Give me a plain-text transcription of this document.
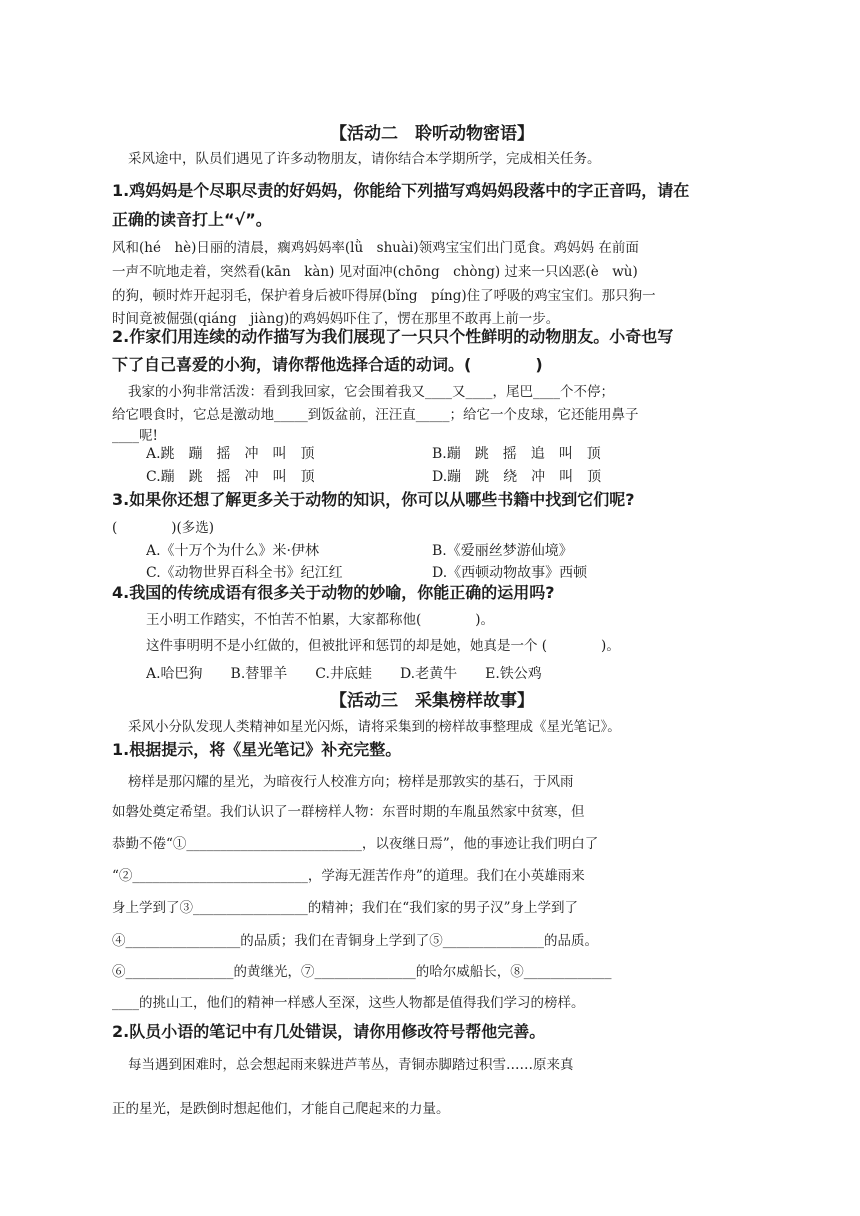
【活动二　聆听动物密语】
采风途中，队员们遇见了许多动物朋友，请你结合本学期所学，完成相关任务。
1.鸡妈妈是个尽职尽责的好妈妈，你能给下列描写鸡妈妈段落中的字正音吗，请在
正确的读音打上“√”。
风和(hé　hè)日丽的清晨，瘸鸡妈妈率(lǜ　shuài)领鸡宝宝们出门觅食。鸡妈妈 在前面
一声不吭地走着，突然看(kān　kàn) 见对面冲(chōng　chòng) 过来一只凶恶(è　wù)
的狗，顿时炸开起羽毛，保护着身后被吓得屏(bǐng　píng)住了呼吸的鸡宝宝们。那只狗一
时间竟被倔强(qiáng　jiàng)的鸡妈妈吓住了，愣在那里不敢再上前一步。
2.作家们用连续的动作描写为我们展现了一只只个性鲜明的动物朋友。小奇也写
下了自己喜爱的小狗，请你帮他选择合适的动词。(　　　　)
我家的小狗非常活泼：看到我回家，它会围着我又____又____，尾巴____个不停；
给它喂食时，它总是激动地_____到饭盆前，汪汪直_____；给它一个皮球，它还能用鼻子
____呢!
A.跳　蹦　摇　冲　叫　顶	B.蹦　跳　摇　追　叫　顶
C.蹦　跳　摇　冲　叫　顶	D.蹦　跳　绕　冲　叫　顶
3.如果你还想了解更多关于动物的知识，你可以从哪些书籍中找到它们呢?
(　　　　)(多选)
A.《十万个为什么》米·伊林	B.《爱丽丝梦游仙境》
C.《动物世界百科全书》纪江红	D.《西顿动物故事》西顿
4.我国的传统成语有很多关于动物的妙喻，你能正确的运用吗?
王小明工作踏实，不怕苦不怕累，大家都称他(　　　　)。
这件事明明不是小红做的，但被批评和惩罚的却是她，她真是一个 (　　　　)。
A.哈巴狗　　B.替罪羊　　C.井底蛙　　D.老黄牛　　E.铁公鸡
【活动三　采集榜样故事】
采风小分队发现人类精神如星光闪烁，请将采集到的榜样故事整理成《星光笔记》。
1.根据提示，将《星光笔记》补充完整。
榜样是那闪耀的星光，为暗夜行人校准方向；榜样是那敦实的基石，于风雨
如磐处奠定希望。我们认识了一群榜样人物：东晋时期的车胤虽然家中贫寒，但
恭勤不倦“①__________________________，以夜继日焉”，他的事迹让我们明白了
“②__________________________，学海无涯苦作舟”的道理。我们在小英雄雨来
身上学到了③_________________的精神；我们在“我们家的男子汉”身上学到了
④_________________的品质；我们在青铜身上学到了⑤_______________的品质。
⑥________________的黄继光，⑦_______________的哈尔威船长，⑧_____________
____的挑山工，他们的精神一样感人至深，这些人物都是值得我们学习的榜样。
2.队员小语的笔记中有几处错误，请你用修改符号帮他完善。
每当遇到困难时，总会想起雨来躲进芦苇丛，青铜赤脚踏过积雪……原来真
正的星光，是跌倒时想起他们，才能自己爬起来的力量。
